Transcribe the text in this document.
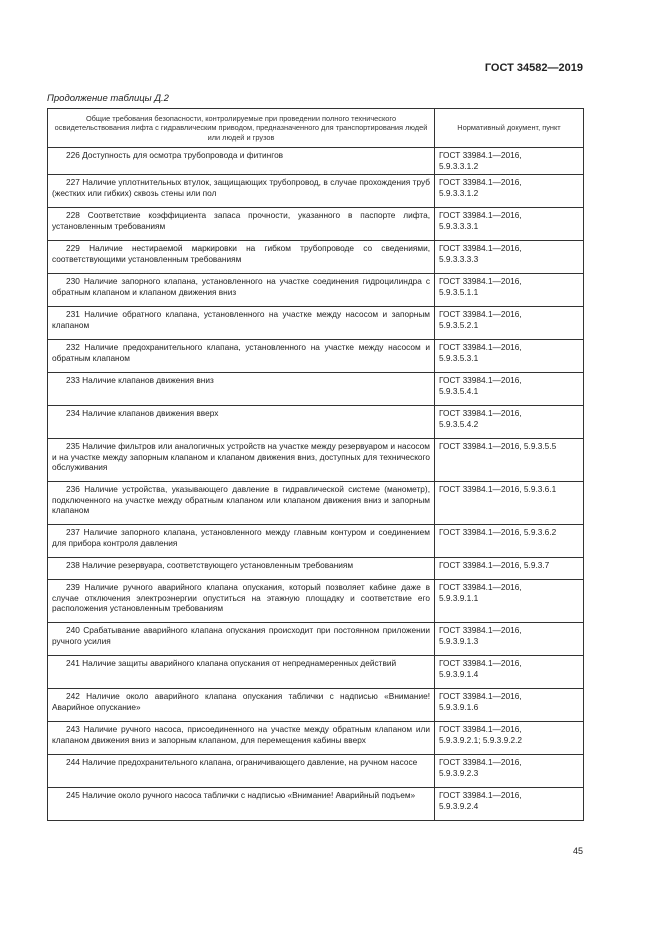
ГОСТ 34582—2019
Продолжение таблицы Д.2
Общие требования безопасности, контролируемые при проведении полного технического освидетельствования лифта с гидравлическим приводом, предназначенного для транспортирования людей или людей и грузов	Нормативный документ, пункт

226 Доступность для осмотра трубопровода и фитингов	ГОСТ 33984.1—2016,
5.9.3.3.1.2

227 Наличие уплотнительных втулок, защищающих трубопровод, в случае прохождения труб (жестких или гибких) сквозь стены или пол	ГОСТ 33984.1—2016,
5.9.3.3.1.2

228 Соответствие коэффициента запаса прочности, указанного в паспорте лифта, установленным требованиям	ГОСТ 33984.1—2016,
5.9.3.3.3.1

229 Наличие нестираемой маркировки на гибком трубопроводе со сведениями, соответствующими установленным требованиям	ГОСТ 33984.1—2016,
5.9.3.3.3.3

230 Наличие запорного клапана, установленного на участке соединения гидроцилиндра с обратным клапаном и клапаном движения вниз	ГОСТ 33984.1—2016,
5.9.3.5.1.1

231 Наличие обратного клапана, установленного на участке между насосом и запорным клапаном	ГОСТ 33984.1—2016,
5.9.3.5.2.1

232 Наличие предохранительного клапана, установленного на участке между насосом и обратным клапаном	ГОСТ 33984.1—2016,
5.9.3.5.3.1

233 Наличие клапанов движения вниз	ГОСТ 33984.1—2016,
5.9.3.5.4.1

234 Наличие клапанов движения вверх	ГОСТ 33984.1—2016,
5.9.3.5.4.2

235 Наличие фильтров или аналогичных устройств на участке между резервуаром и насосом и на участке между запорным клапаном и клапаном движения вниз, доступных для технического обслуживания	ГОСТ 33984.1—2016, 5.9.3.5.5

236 Наличие устройства, указывающего давление в гидравлической системе (манометр), подключенного на участке между обратным клапаном или клапаном движения вниз и запорным клапаном	ГОСТ 33984.1—2016, 5.9.3.6.1

237 Наличие запорного клапана, установленного между главным контуром и соединением для прибора контроля давления	ГОСТ 33984.1—2016, 5.9.3.6.2

238 Наличие резервуара, соответствующего установленным требованиям	ГОСТ 33984.1—2016, 5.9.3.7

239 Наличие ручного аварийного клапана опускания, который позволяет кабине даже в случае отключения электроэнергии опуститься на этажную площадку и соответствие его расположения установленным требованиям	ГОСТ 33984.1—2016,
5.9.3.9.1.1

240 Срабатывание аварийного клапана опускания происходит при постоянном приложении ручного усилия	ГОСТ 33984.1—2016,
5.9.3.9.1.3

241 Наличие защиты аварийного клапана опускания от непреднамеренных действий	ГОСТ 33984.1—2016,
5.9.3.9.1.4

242 Наличие около аварийного клапана опускания таблички с надписью «Внимание! Аварийное опускание»	ГОСТ 33984.1—2016,
5.9.3.9.1.6

243 Наличие ручного насоса, присоединенного на участке между обратным клапаном или клапаном движения вниз и запорным клапаном, для перемещения кабины вверх	ГОСТ 33984.1—2016,
5.9.3.9.2.1; 5.9.3.9.2.2

244 Наличие предохранительного клапана, ограничивающего давление, на ручном насосе	ГОСТ 33984.1—2016,
5.9.3.9.2.3

245 Наличие около ручного насоса таблички с надписью «Внимание! Аварийный подъем»	ГОСТ 33984.1—2016,
5.9.3.9.2.4
45
